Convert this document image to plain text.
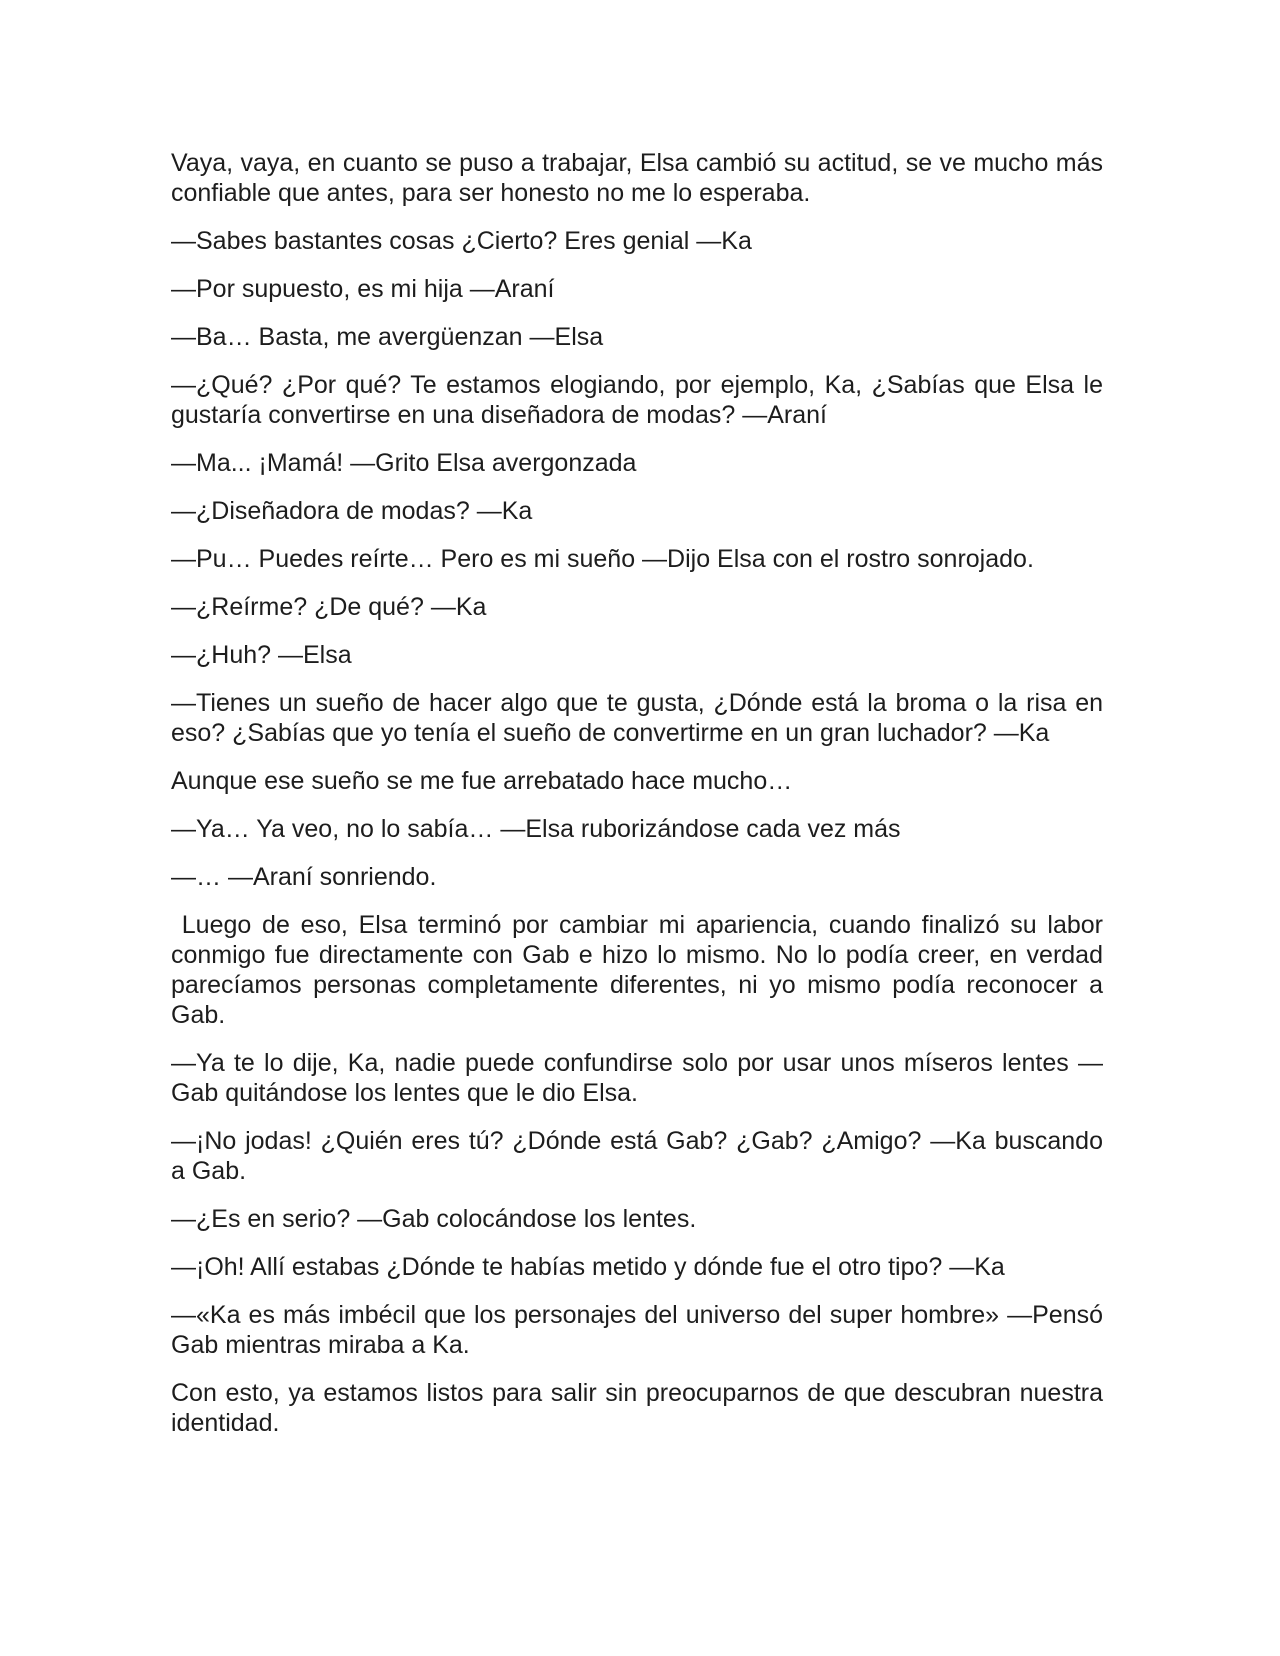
Vaya, vaya, en cuanto se puso a trabajar, Elsa cambió su actitud, se ve mucho más confiable que antes, para ser honesto no me lo esperaba.

—Sabes bastantes cosas ¿Cierto? Eres genial —Ka

—Por supuesto, es mi hija —Araní

—Ba… Basta, me avergüenzan —Elsa

—¿Qué? ¿Por qué? Te estamos elogiando, por ejemplo, Ka, ¿Sabías que Elsa le gustaría convertirse en una diseñadora de modas? —Araní

—Ma... ¡Mamá! —Grito Elsa avergonzada

—¿Diseñadora de modas? —Ka

—Pu… Puedes reírte… Pero es mi sueño —Dijo Elsa con el rostro sonrojado.

—¿Reírme? ¿De qué? —Ka

—¿Huh? —Elsa

—Tienes un sueño de hacer algo que te gusta, ¿Dónde está la broma o la risa en eso? ¿Sabías que yo tenía el sueño de convertirme en un gran luchador? —Ka

Aunque ese sueño se me fue arrebatado hace mucho…

—Ya… Ya veo, no lo sabía… —Elsa ruborizándose cada vez más

—… —Araní sonriendo.

Luego de eso, Elsa terminó por cambiar mi apariencia, cuando finalizó su labor conmigo fue directamente con Gab e hizo lo mismo. No lo podía creer, en verdad parecíamos personas completamente diferentes, ni yo mismo podía reconocer a Gab.

—Ya te lo dije, Ka, nadie puede confundirse solo por usar unos míseros lentes —Gab quitándose los lentes que le dio Elsa.

—¡No jodas! ¿Quién eres tú? ¿Dónde está Gab? ¿Gab? ¿Amigo? —Ka buscando a Gab.

—¿Es en serio? —Gab colocándose los lentes.

—¡Oh! Allí estabas ¿Dónde te habías metido y dónde fue el otro tipo? —Ka

—«Ka es más imbécil que los personajes del universo del super hombre» —Pensó Gab mientras miraba a Ka.

Con esto, ya estamos listos para salir sin preocuparnos de que descubran nuestra identidad.
